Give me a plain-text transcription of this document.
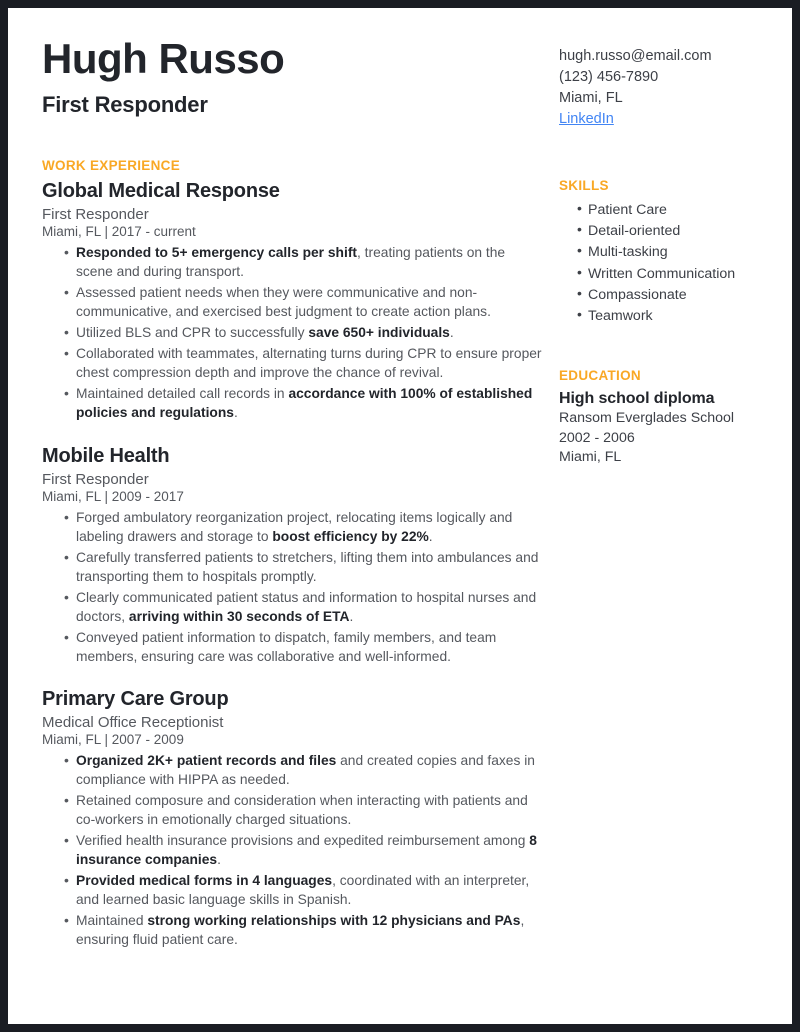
Hugh Russo
First Responder
WORK EXPERIENCE
Global Medical Response
First Responder
Miami, FL | 2017 - current
• Responded to 5+ emergency calls per shift, treating patients on the scene and during transport.
• Assessed patient needs when they were communicative and non-communicative, and exercised best judgment to create action plans.
• Utilized BLS and CPR to successfully save 650+ individuals.
• Collaborated with teammates, alternating turns during CPR to ensure proper chest compression depth and improve the chance of revival.
• Maintained detailed call records in accordance with 100% of established policies and regulations.
Mobile Health
First Responder
Miami, FL | 2009 - 2017
• Forged ambulatory reorganization project, relocating items logically and labeling drawers and storage to boost efficiency by 22%.
• Carefully transferred patients to stretchers, lifting them into ambulances and transporting them to hospitals promptly.
• Clearly communicated patient status and information to hospital nurses and doctors, arriving within 30 seconds of ETA.
• Conveyed patient information to dispatch, family members, and team members, ensuring care was collaborative and well-informed.
Primary Care Group
Medical Office Receptionist
Miami, FL | 2007 - 2009
• Organized 2K+ patient records and files and created copies and faxes in compliance with HIPPA as needed.
• Retained composure and consideration when interacting with patients and co-workers in emotionally charged situations.
• Verified health insurance provisions and expedited reimbursement among 8 insurance companies.
• Provided medical forms in 4 languages, coordinated with an interpreter, and learned basic language skills in Spanish.
• Maintained strong working relationships with 12 physicians and PAs, ensuring fluid patient care.
hugh.russo@email.com
(123) 456-7890
Miami, FL
LinkedIn
SKILLS
• Patient Care
• Detail-oriented
• Multi-tasking
• Written Communication
• Compassionate
• Teamwork
EDUCATION
High school diploma
Ransom Everglades School
2002 - 2006
Miami, FL
